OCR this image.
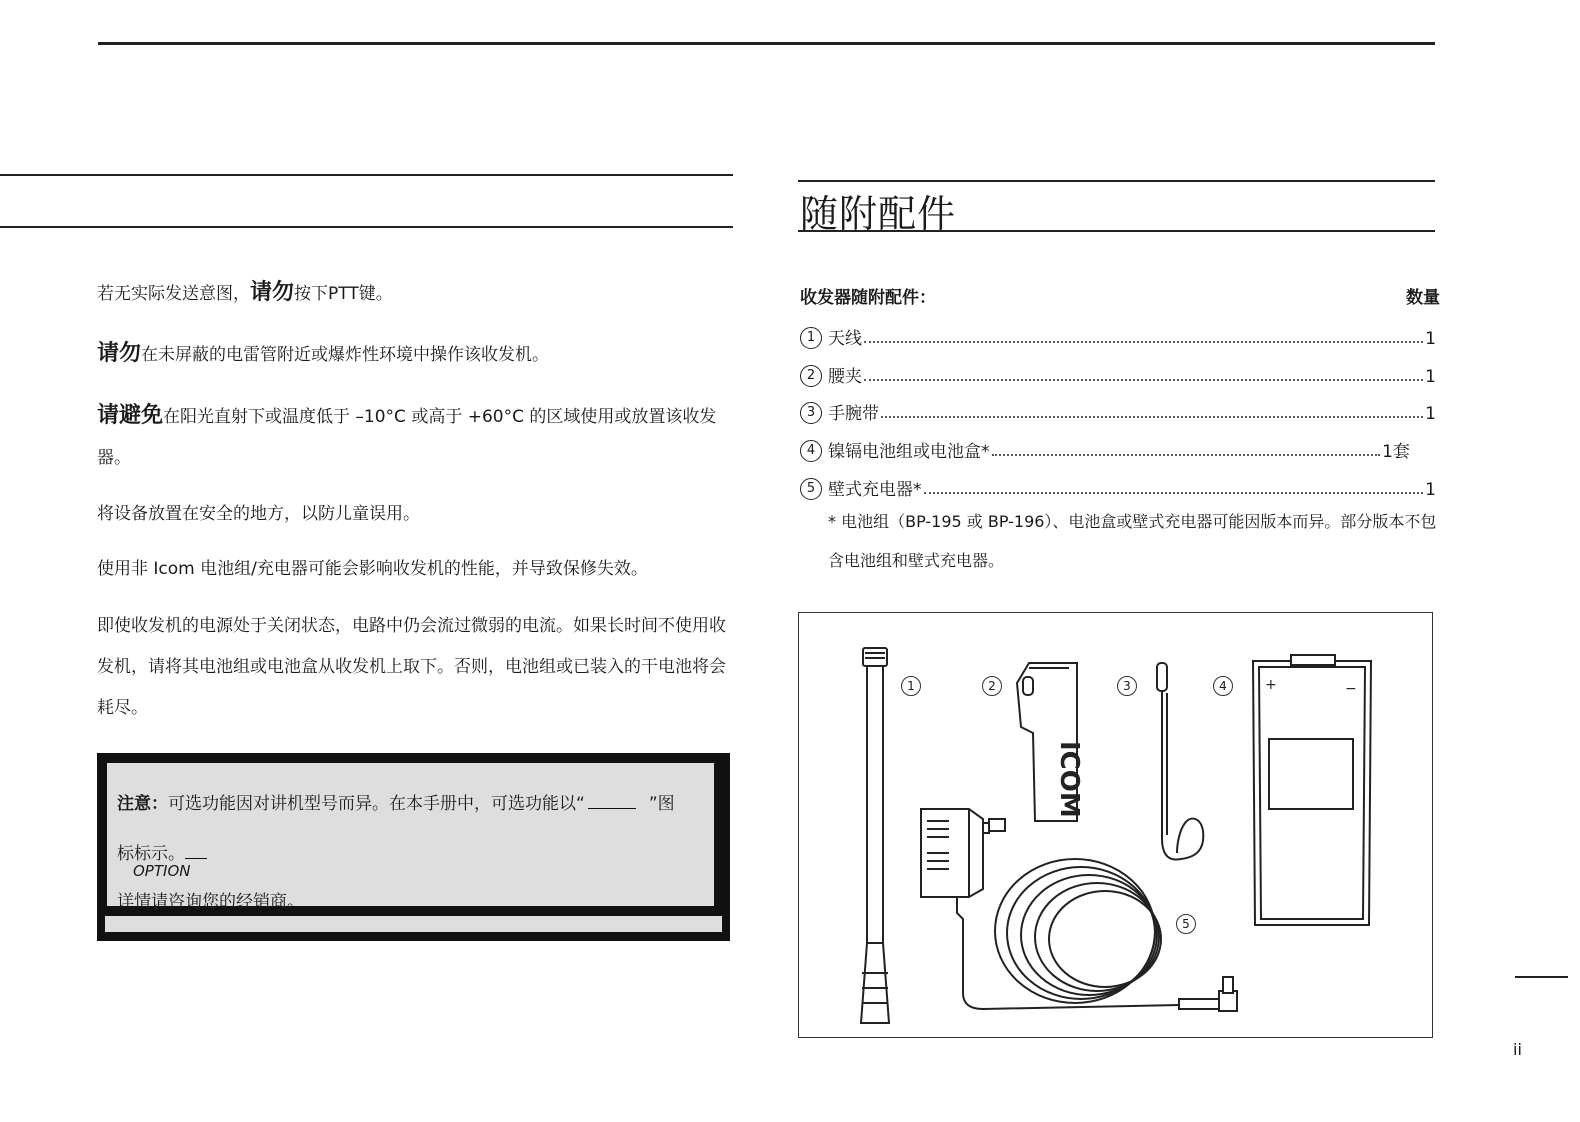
若无实际发送意图，请勿按下PTT键。
请勿在未屏蔽的电雷管附近或爆炸性环境中操作该收发机。
请避免在阳光直射下或温度低于 –10°C 或高于 +60°C 的区域使用或放置该收发器。
将设备放置在安全的地方，以防儿童误用。
使用非 Icom 电池组/充电器可能会影响收发机的性能，并导致保修失效。
即使收发机的电源处于关闭状态，电路中仍会流过微弱的电流。如果长时间不使用收发机，请将其电池组或电池盒从收发机上取下。否则，电池组或已装入的干电池将会耗尽。
注意：可选功能因对讲机型号而异。在本手册中，可选功能以“	”图
标标示。
OPTION
详情请咨询您的经销商。
随附配件
收发器随附配件：	数量
1 天线	1
2 腰夹	1
3 手腕带	1
4 镍镉电池组或电池盒*	1套
5 壁式充电器*	1
* 电池组（BP-195 或 BP-196）、电池盒或壁式充电器可能因版本而异。部分版本不包含电池组和壁式充电器。
ICOM
+	−
1	2	3	4
5
ii
